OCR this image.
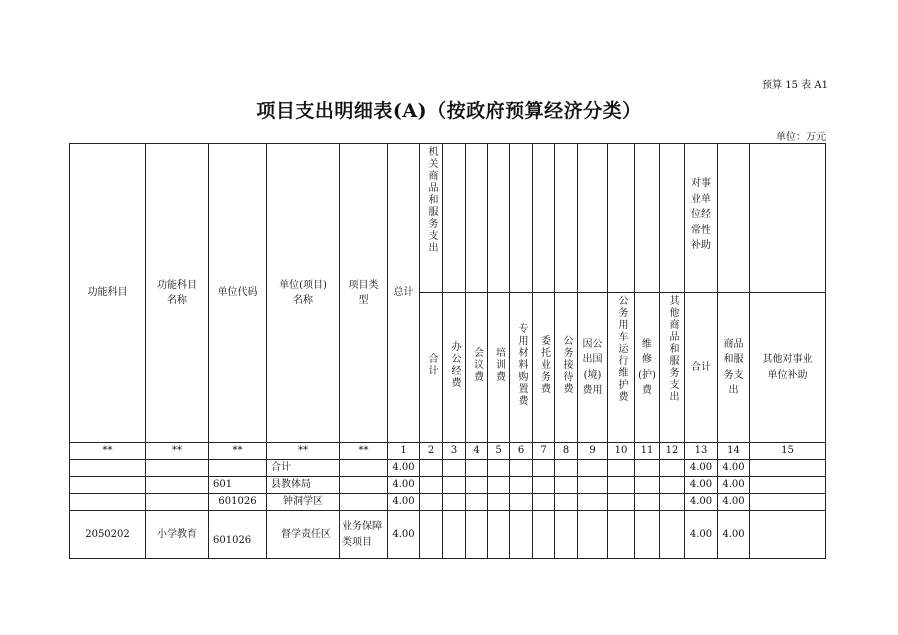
预算 15 表 A1
项目支出明细表(A)（按政府预算经济分类）
单位：万元
功能科目	功能科目名称	单位代码	单位(项目)名称	项目类型	总计	机关商品和服务支出											对事业单位经常性补助		

						合计	办公经费	会议费	培训费	专用材料购置费	委托业务费	公务接待费	因公出国(境)费用	公务用车运行维护费	维修(护)费	其他商品和服务支出	合计	商品和服务支出	其他对事业单位补助

**	**	**	**	**	1	2	3	4	5	6	7	8	9	10	11	12	13	14	15
			合计		4.00												4.00	4.00	
		601	县教体局		4.00												4.00	4.00	
		601026	钟洞学区		4.00												4.00	4.00	
2050202	小学教育	601026	督学责任区	业务保障类项目	4.00												4.00	4.00	
